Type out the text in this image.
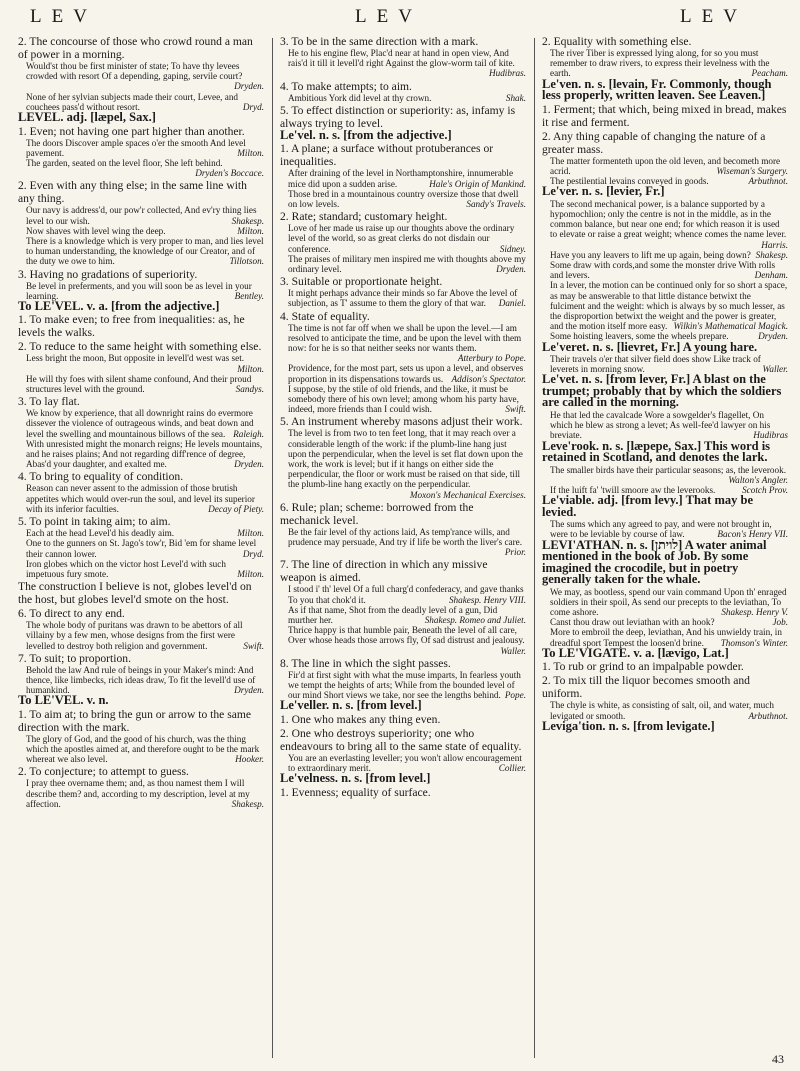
LEV	LEV	LEV
2. The concourse of those who crowd round a man of power in a morning.
Would'st thou be first minister of state; To have thy levees crowded with resort Of a depending, gaping, servile court?
Dryden.
None of her sylvian subjects made their court, Levee, and couchees pass'd without resort.	Dryd.
LEVEL. adj. [læpel, Sax.]
1. Even; not having one part higher than another.
The doors Discover ample spaces o'er the smooth And level pavement.	Milton.
The garden, seated on the level floor, She left behind.
Dryden's Boccace.
2. Even with any thing else; in the same line with any thing.
Our navy is address'd, our pow'r collected, And ev'ry thing lies level to our wish.	Shakesp.
Now shaves with level wing the deep.	Milton.
There is a knowledge which is very proper to man, and lies level to human understanding, the knowledge of our Creator, and of the duty we owe to him.	Tillotson.
3. Having no gradations of superiority.
Be level in preferments, and you will soon be as level in your learning.	Bentley.
To LE'VEL. v. a. [from the adjective.]
1. To make even; to free from inequalities: as, he levels the walks.
2. To reduce to the same height with something else.
Less bright the moon, But opposite in levell'd west was set.
Milton.
He will thy foes with silent shame confound, And their proud structures level with the ground.	Sandys.
3. To lay flat.
We know by experience, that all downright rains do evermore dissever the violence of outrageous winds, and beat down and level the swelling and mountainous billows of the sea. Raleigh.
With unresisted might the monarch reigns; He levels mountains, and he raises plains; And not regarding diff'rence of degree, Abas'd your daughter, and exalted me.	Dryden.
4. To bring to equality of condition.
Reason can never assent to the admission of those brutish appetites which would over-run the soul, and level its superior with its inferior faculties.	Decay of Piety.
5. To point in taking aim; to aim.
Each at the head Level'd his deadly aim.	Milton.
One to the gunners on St. Jago's tow'r, Bid 'em for shame level their cannon lower.	Dryd.
Iron globes which on the victor host Level'd with such impetuous fury smote.	Milton.
The construction I believe is not, globes level'd on the host, but globes level'd smote on the host.
6. To direct to any end.
The whole body of puritans was drawn to be abettors of all villainy by a few men, whose designs from the first were levelled to destroy both religion and government.	Swift.
7. To suit; to proportion.
Behold the law And rule of beings in your Maker's mind: And thence, like limbecks, rich ideas draw, To fit the levell'd use of humankind.	Dryden.
To LE'VEL. v. n.
1. To aim at; to bring the gun or arrow to the same direction with the mark.
The glory of God, and the good of his church, was the thing which the apostles aimed at, and therefore ought to be the mark whereat we also level.	Hooker.
2. To conjecture; to attempt to guess.
I pray thee overname them; and, as thou namest them I will describe them? and, according to my description, level at my affection.	Shakesp.
3. To be in the same direction with a mark.
He to his engine flew, Plac'd near at hand in open view, And rais'd it till it levell'd right Against the glow-worm tail of kite.
Hudibras.
4. To make attempts; to aim.
Ambitious York did level at thy crown.	Shak.
5. To effect distinction or superiority: as, infamy is always trying to level.
Le'vel. n. s. [from the adjective.]
1. A plane; a surface without protuberances or inequalities.
After draining of the level in Northamptonshire, innumerable mice did upon a sudden arise.	Hale's Origin of Mankind.
Those bred in a mountainous country oversize those that dwell on low levels.	Sandy's Travels.
2. Rate; standard; customary height.
Love of her made us raise up our thoughts above the ordinary level of the world, so as great clerks do not disdain our conference.	Sidney.
The praises of military men inspired me with thoughts above my ordinary level.	Dryden.
3. Suitable or proportionate height.
It might perhaps advance their minds so far Above the level of subjection, as T' assume to them the glory of that war.	Daniel.
4. State of equality.
The time is not far off when we shall be upon the level.—I am resolved to anticipate the time, and be upon the level with them now: for he is so that neither seeks nor wants them.
Atterbury to Pope.
Providence, for the most part, sets us upon a level, and observes proportion in its dispensations towards us. Addison's Spectator.
I suppose, by the stile of old friends, and the like, it must be somebody there of his own level; among whom his party have, indeed, more friends than I could wish.	Swift.
5. An instrument whereby masons adjust their work.
The level is from two to ten feet long, that it may reach over a considerable length of the work: if the plumb-line hang just upon the perpendicular, when the level is set flat down upon the work, the work is level; but if it hangs on either side the perpendicular, the floor or work must be raised on that side, till the plumb-line hang exactly on the perpendicular.
Moxon's Mechanical Exercises.
6. Rule; plan; scheme: borrowed from the mechanick level.
Be the fair level of thy actions laid, As temp'rance wills, and prudence may persuade, And try if life be worth the liver's care.
Prior.
7. The line of direction in which any missive weapon is aimed.
I stood i' th' level Of a full charg'd confederacy, and gave thanks To you that chok'd it.	Shakesp. Henry VIII.
As if that name, Shot from the deadly level of a gun, Did murther her.	Shakesp. Romeo and Juliet.
Thrice happy is that humble pair, Beneath the level of all care, Over whose heads those arrows fly, Of sad distrust and jealousy.
Waller.
8. The line in which the sight passes.
Fir'd at first sight with what the muse imparts, In fearless youth we tempt the heights of arts; While from the bounded level of our mind Short views we take, nor see the lengths behind. Pope.
Le'veller. n. s. [from level.]
1. One who makes any thing even.
2. One who destroys superiority; one who endeavours to bring all to the same state of equality.
You are an everlasting leveller; you won't allow encouragement to extraordinary merit.	Collier.
Le'velness. n. s. [from level.]
1. Evenness; equality of surface.
2. Equality with something else.
The river Tiber is expressed lying along, for so you must remember to draw rivers, to express their levelness with the earth.	Peacham.
Le'ven. n. s. [levain, Fr. Commonly, though less properly, written leaven. See Leaven.]
1. Ferment; that which, being mixed in bread, makes it rise and ferment.
2. Any thing capable of changing the nature of a greater mass.
The matter formenteth upon the old leven, and becometh more acrid.	Wiseman's Surgery.
The pestilential levains conveyed in goods.	Arbuthnot.
Le'ver. n. s. [levier, Fr.]
The second mechanical power, is a balance supported by a hypomochlion; only the centre is not in the middle, as in the common balance, but near one end; for which reason it is used to elevate or raise a great weight; whence comes the name lever.
Harris.
Have you any leavers to lift me up again, being down? Shakesp.
Some draw with cords,and some the monster drive With rolls and levers.	Denham.
In a lever, the motion can be continued only for so short a space, as may be answerable to that little distance betwixt the fulciment and the weight: which is always by so much lesser, as the disproportion betwixt the weight and the power is greater, and the motion itself more easy. Wilkin's Mathematical Magick.
Some hoisting leavers, some the wheels prepare.	Dryden.
Le'veret. n. s. [lievret, Fr.] A young hare.
Their travels o'er that silver field does show Like track of leverets in morning snow.	Waller.
Le'vet. n. s. [from lever, Fr.] A blast on the trumpet; probably that by which the soldiers are called in the morning.
He that led the cavalcade Wore a sowgelder's flagellet, On which he blew as strong a levet; As well-fee'd lawyer on his breviate.	Hudibras
Leve'rook. n. s. [læpepe, Sax.] This word is retained in Scotland, and denotes the lark.
The smaller birds have their particular seasons; as, the leverook.
Walton's Angler.
If the luift fa' 'twill smoore aw the leverooks.	Scotch Prov.
Le'viable. adj. [from levy.] That may be levied.
The sums which any agreed to pay, and were not brought in, were to be leviable by course of law.	Bacon's Henry VII.
LEVI'ATHAN. n. s. [לויתן] A water animal mentioned in the book of Job. By some imagined the crocodile, but in poetry generally taken for the whale.
We may, as bootless, spend our vain command Upon th' enraged soldiers in their spoil, As send our precepts to the leviathan, To come ashore.	Shakesp. Henry V.
Canst thou draw out leviathan with an hook?	Job.
More to embroil the deep, leviathan, And his unwieldy train, in dreadful sport Tempest the loosen'd brine.	Thomson's Winter.
To LE'VIGATE. v. a. [lævigo, Lat.]
1. To rub or grind to an impalpable powder.
2. To mix till the liquor becomes smooth and uniform.
The chyle is white, as consisting of salt, oil, and water, much levigated or smooth.	Arbuthnot.
Leviga'tion. n. s. [from levigate.]
43
